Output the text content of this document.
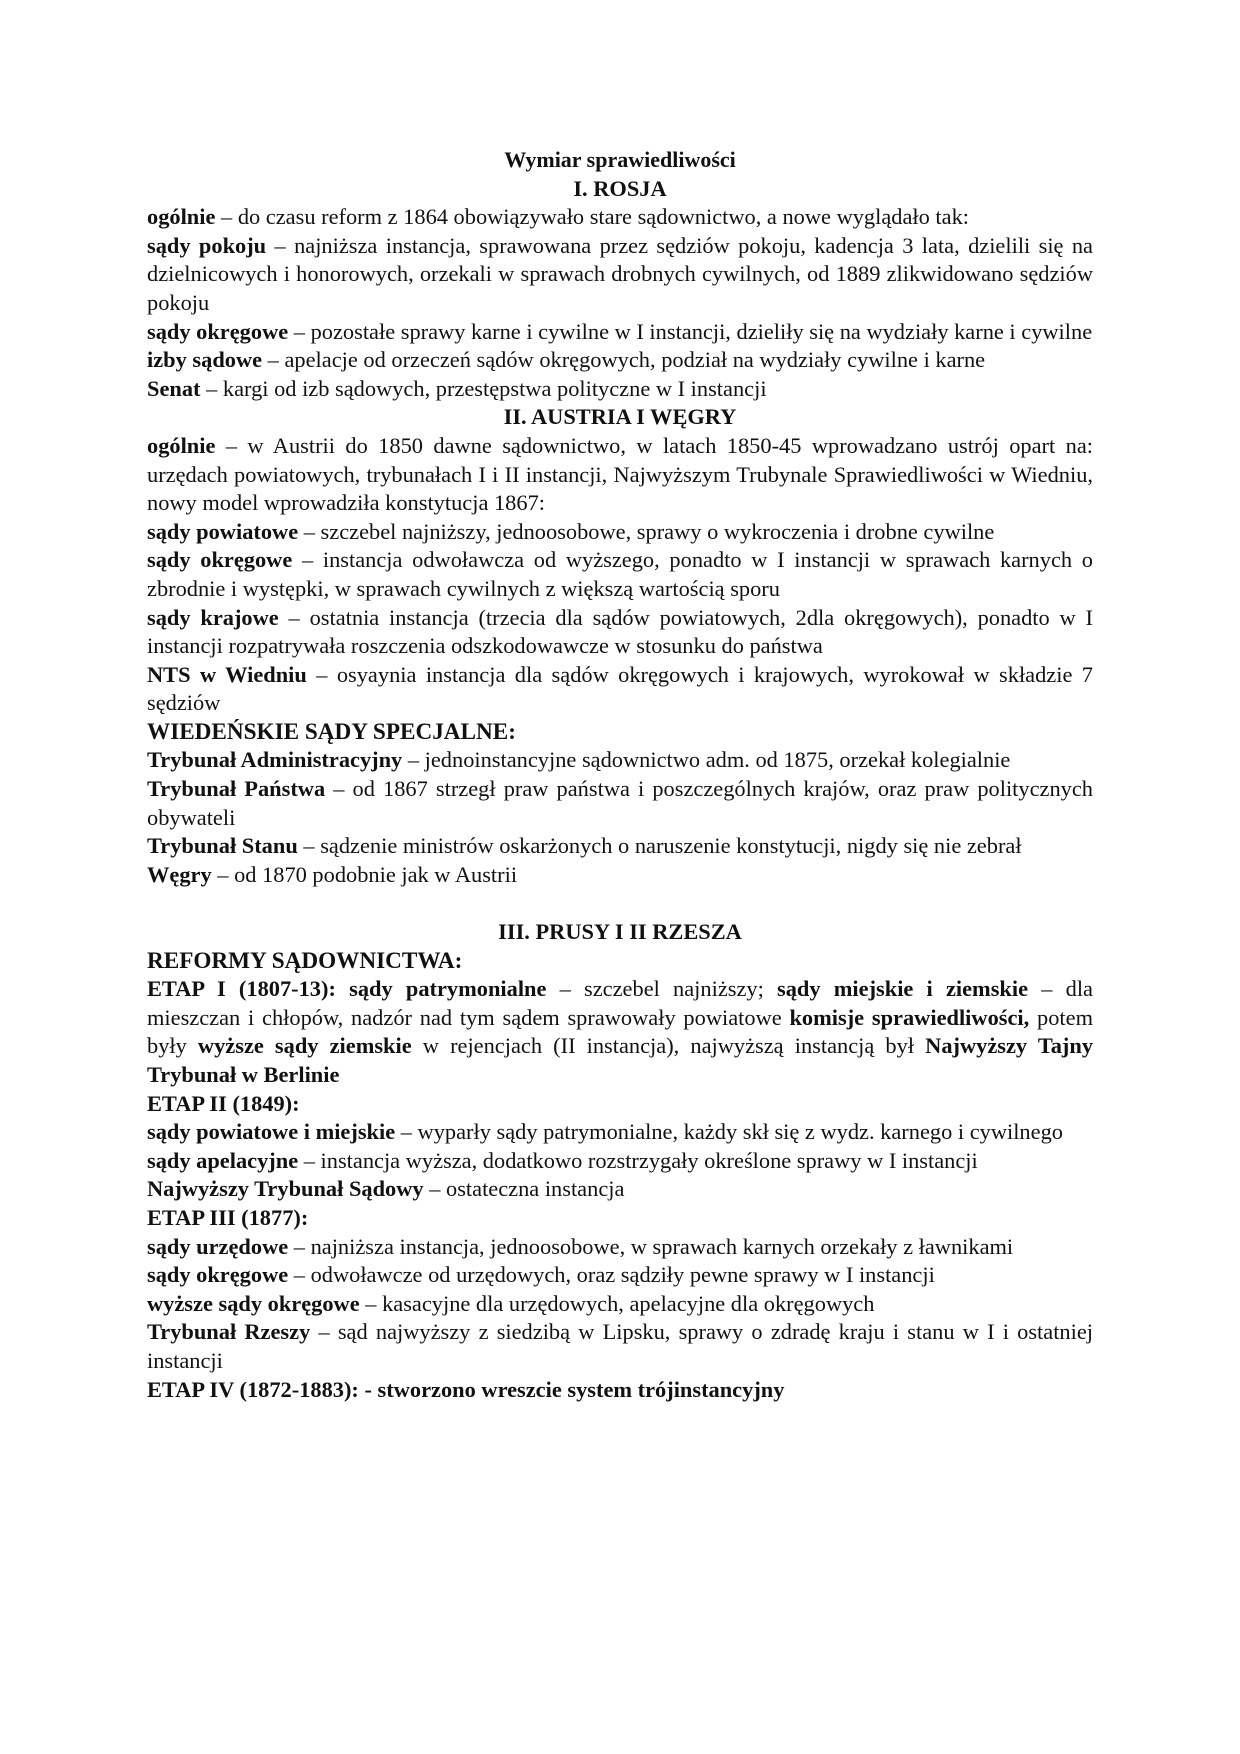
Wymiar sprawiedliwości
I. ROSJA

ogólnie – do czasu reform z 1864 obowiązywało stare sądownictwo, a nowe wyglądało tak:

sądy pokoju – najniższa instancja, sprawowana przez sędziów pokoju, kadencja 3 lata, dzielili się na dzielnicowych i honorowych, orzekali w sprawach drobnych cywilnych, od 1889 zlikwidowano sędziów pokoju

sądy okręgowe – pozostałe sprawy karne i cywilne w I instancji, dzieliły się na wydziały karne i cywilne

izby sądowe – apelacje od orzeczeń sądów okręgowych, podział na wydziały cywilne i karne

Senat – kargi od izb sądowych, przestępstwa polityczne w I instancji

II. AUSTRIA I WĘGRY

ogólnie – w Austrii do 1850 dawne sądownictwo, w latach 1850-45 wprowadzano ustrój opart na: urzędach powiatowych, trybunałach I i II instancji, Najwyższym Trubynale Sprawiedliwości w Wiedniu, nowy model wprowadziła konstytucja 1867:

sądy powiatowe – szczebel najniższy, jednoosobowe, sprawy o wykroczenia i drobne cywilne

sądy okręgowe – instancja odwoławcza od wyższego, ponadto w I instancji w sprawach karnych o zbrodnie i występki, w sprawach cywilnych z większą wartością sporu

sądy krajowe – ostatnia instancja (trzecia dla sądów powiatowych, 2dla okręgowych), ponadto w I instancji rozpatrywała roszczenia odszkodowawcze w stosunku do państwa

NTS w Wiedniu – osyaynia instancja dla sądów okręgowych i krajowych, wyrokował w składzie 7 sędziów

WIEDEŃSKIE SĄDY SPECJALNE:

Trybunał Administracyjny – jednoinstancyjne sądownictwo adm. od 1875, orzekał kolegialnie

Trybunał Państwa – od 1867 strzegł praw państwa i poszczególnych krajów, oraz praw politycznych obywateli

Trybunał Stanu – sądzenie ministrów oskarżonych o naruszenie konstytucji, nigdy się nie zebrał

Węgry – od 1870 podobnie jak w Austrii

III. PRUSY I II RZESZA
REFORMY SĄDOWNICTWA:

ETAP I (1807-13): sądy patrymonialne – szczebel najniższy; sądy miejskie i ziemskie – dla mieszczan i chłopów, nadzór nad tym sądem sprawowały powiatowe komisje sprawiedliwości, potem były wyższe sądy ziemskie w rejencjach (II instancja), najwyższą instancją był Najwyższy Tajny Trybunał w Berlinie

ETAP II (1849):

sądy powiatowe i miejskie – wyparły sądy patrymonialne, każdy skł się z wydz. karnego i cywilnego

sądy apelacyjne – instancja wyższa, dodatkowo rozstrzygały określone sprawy w I instancji

Najwyższy Trybunał Sądowy – ostateczna instancja

ETAP III (1877):

sądy urzędowe – najniższa instancja, jednoosobowe, w sprawach karnych orzekały z ławnikami

sądy okręgowe – odwoławcze od urzędowych, oraz sądziły pewne sprawy w I instancji

wyższe sądy okręgowe – kasacyjne dla urzędowych, apelacyjne dla okręgowych

Trybunał Rzeszy – sąd najwyższy z siedzibą w Lipsku, sprawy o zdradę kraju i stanu w I i ostatniej instancji

ETAP IV (1872-1883): - stworzono wreszcie system trójinstancyjny
